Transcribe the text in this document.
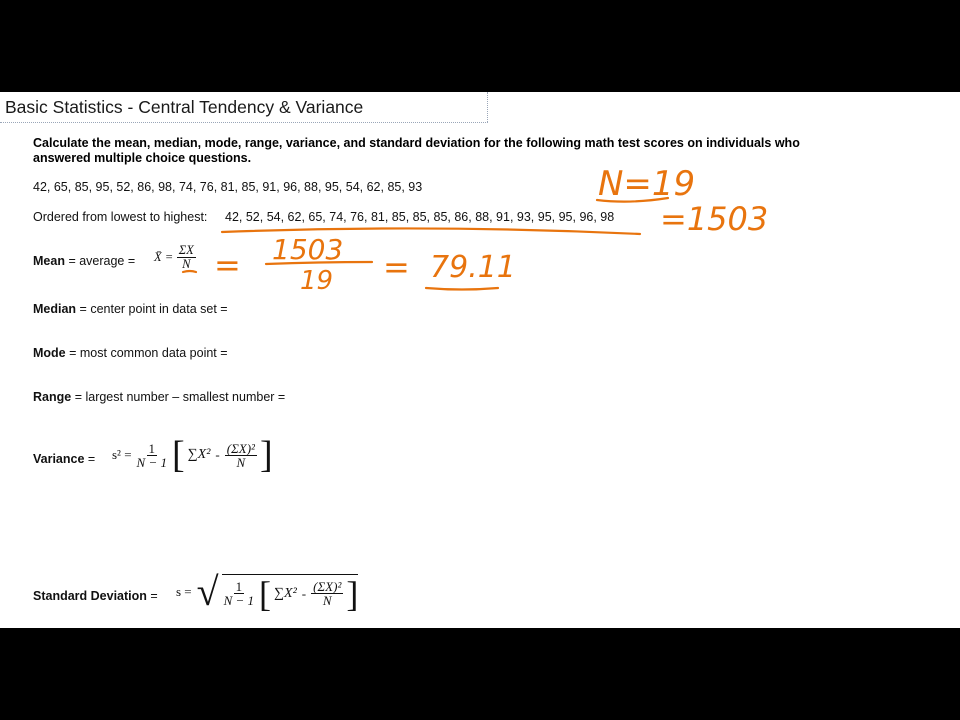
Basic Statistics - Central Tendency & Variance
Calculate the mean, median, mode, range, variance, and standard deviation for the following math test scores on individuals who answered multiple choice questions.
42, 65, 85, 95, 52, 86, 98, 74, 76, 81, 85, 91, 96, 88, 95, 54, 62, 85, 93
Ordered from lowest to highest: 42, 52, 54, 62, 65, 74, 76, 81, 85, 85, 85, 86, 88, 91, 93, 95, 95, 96, 98
Mean = average = X̄ = $\frac{\Sigma X}{N}$
Median = center point in data set =
Mode = most common data point =
Range = largest number – smallest number =
Variance = $s^2 = \frac{1}{N - 1}$ [ $\sum X^2 - \frac{\text{(ΣX)²}}{N}$ ]
Standard Deviation = s = √ $\frac{1}{N - 1}$ [ $\sum X^2 - \frac{\text{(ΣX)²}}{N}$ ]
N=19
=1503
= 1503
19 = 79.11
